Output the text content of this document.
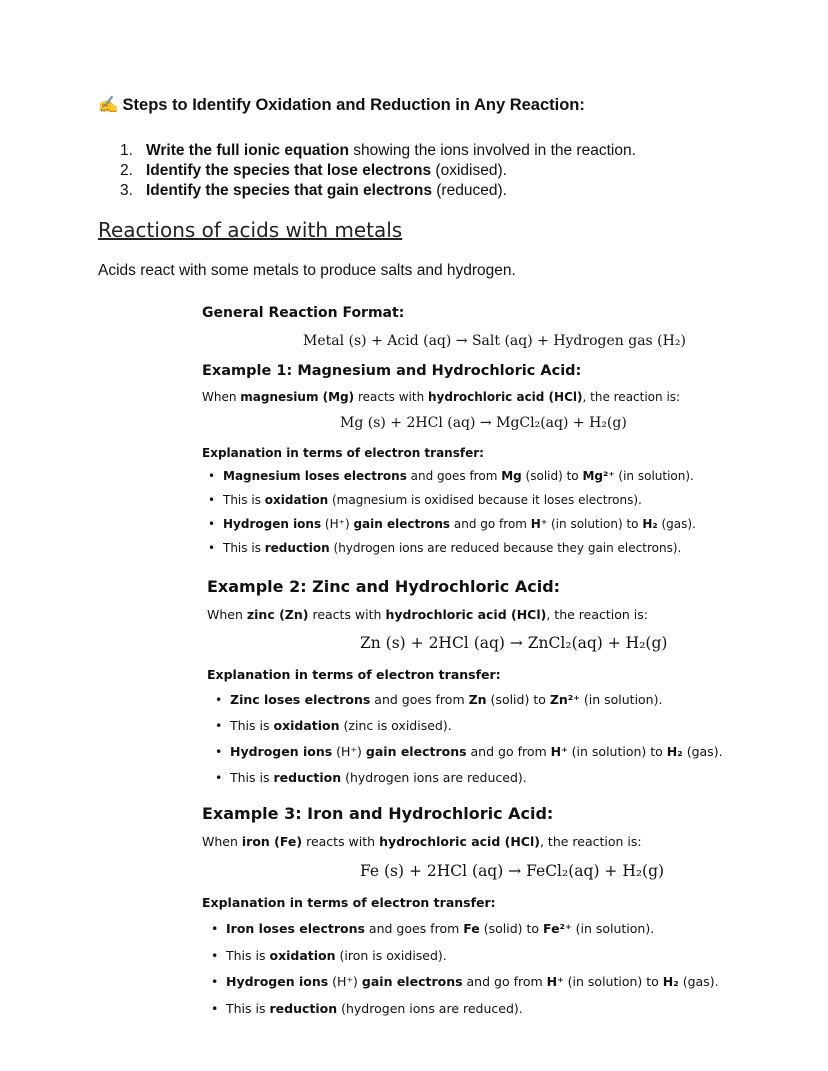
✍ Steps to Identify Oxidation and Reduction in Any Reaction:
1. Write the full ionic equation showing the ions involved in the reaction.
2. Identify the species that lose electrons (oxidised).
3. Identify the species that gain electrons (reduced).
Reactions of acids with metals
Acids react with some metals to produce salts and hydrogen.
General Reaction Format:
Metal (s) + Acid (aq) → Salt (aq) + Hydrogen gas (H₂)
Example 1: Magnesium and Hydrochloric Acid:
When magnesium (Mg) reacts with hydrochloric acid (HCl), the reaction is:
Mg (s) + 2HCl (aq) → MgCl₂(aq) + H₂(g)
Explanation in terms of electron transfer:
• Magnesium loses electrons and goes from Mg (solid) to Mg²⁺ (in solution).
• This is oxidation (magnesium is oxidised because it loses electrons).
• Hydrogen ions (H⁺) gain electrons and go from H⁺ (in solution) to H₂ (gas).
• This is reduction (hydrogen ions are reduced because they gain electrons).
Example 2: Zinc and Hydrochloric Acid:
When zinc (Zn) reacts with hydrochloric acid (HCl), the reaction is:
Zn (s) + 2HCl (aq) → ZnCl₂(aq) + H₂(g)
Explanation in terms of electron transfer:
• Zinc loses electrons and goes from Zn (solid) to Zn²⁺ (in solution).
• This is oxidation (zinc is oxidised).
• Hydrogen ions (H⁺) gain electrons and go from H⁺ (in solution) to H₂ (gas).
• This is reduction (hydrogen ions are reduced).
Example 3: Iron and Hydrochloric Acid:
When iron (Fe) reacts with hydrochloric acid (HCl), the reaction is:
Fe (s) + 2HCl (aq) → FeCl₂(aq) + H₂(g)
Explanation in terms of electron transfer:
• Iron loses electrons and goes from Fe (solid) to Fe²⁺ (in solution).
• This is oxidation (iron is oxidised).
• Hydrogen ions (H⁺) gain electrons and go from H⁺ (in solution) to H₂ (gas).
• This is reduction (hydrogen ions are reduced).
